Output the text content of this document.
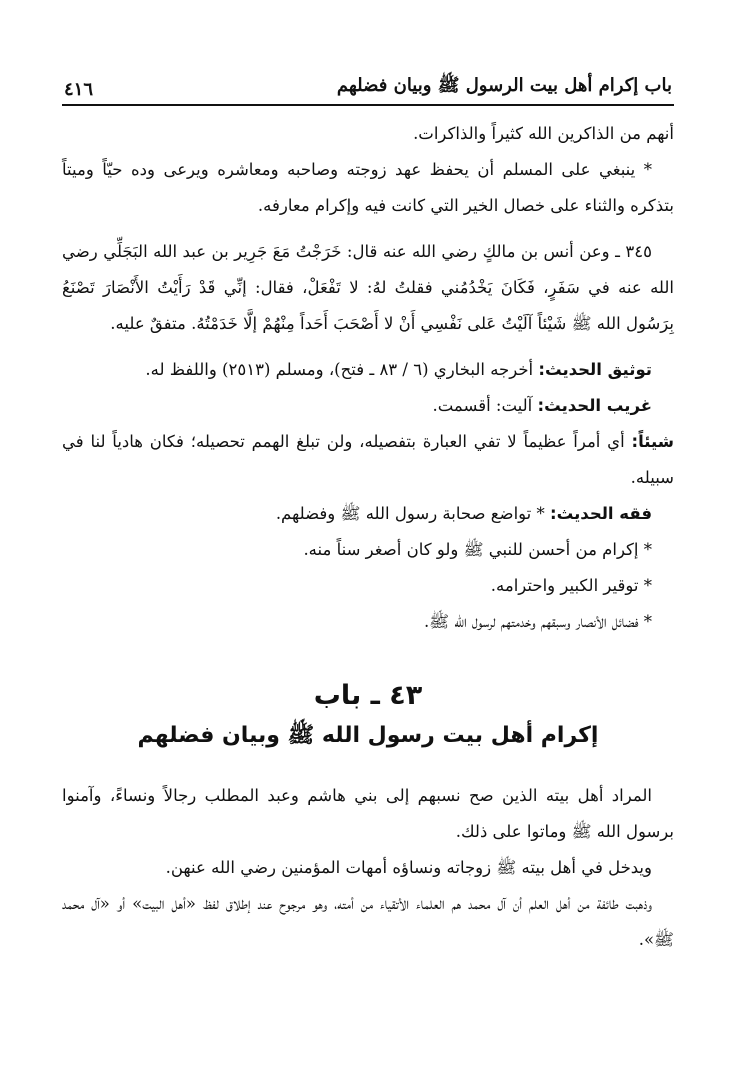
باب إكرام أهل بيت الرسول ﷺ وبيان فضلهم
٤١٦

أنهم من الذاكرين الله كثيراً والذاكرات.

* ينبغي على المسلم أن يحفظ عهد زوجته وصاحبه ومعاشره ويرعى وده حيّاً وميتاً بتذكره والثناء على خصال الخير التي كانت فيه وإكرام معارفه.

٣٤٥ ـ وعن أنس بن مالكٍ رضي الله عنه قال: خَرَجْتُ مَعَ جَرِير بن عبد الله البَجَلِّي رضي الله عنه في سَفَرٍ، فَكَانَ يَخْدُمُني فقلتُ لهُ: لا تَفْعَلْ، فقال: إنِّي قَدْ رَأَيْتُ الأَنْصَارَ تَصْنَعُ بِرَسُول الله ﷺ شَيْئاً آلَيْتُ عَلى نَفْسِي أَنْ لا أَصْحَبَ أَحَداً مِنْهُمْ إلَّا خَدَمْتُهُ. متفقٌ عليه.

توثيق الحديث: أخرجه البخاري (٦ / ٨٣ ـ فتح)، ومسلم (٢٥١٣) واللفظ له.

غريب الحديث: آليت: أقسمت.

شيئاً: أي أمراً عظيماً لا تفي العبارة بتفصيله، ولن تبلغ الهمم تحصيله؛ فكان هادياً لنا في سبيله.

فقه الحديث: * تواضع صحابة رسول الله ﷺ وفضلهم.

* إكرام من أحسن للنبي ﷺ ولو كان أصغر سناً منه.

* توقير الكبير واحترامه.

* فضائل الأنصار وسبقهم وخدمتهم لرسول الله ﷺ.

٤٣ ـ باب
إكرام أهل بيت رسول الله ﷺ وبيان فضلهم

المراد أهل بيته الذين صح نسبهم إلى بني هاشم وعبد المطلب رجالاً ونساءً، وآمنوا برسول الله ﷺ وماتوا على ذلك.

ويدخل في أهل بيته ﷺ زوجاته ونساؤه أمهات المؤمنين رضي الله عنهن.

وذهبت طائفة من أهل العلم أن آل محمد هم العلماء الأتقياء من أمته، وهو مرجوح عند إطلاق لفظ «أهل البيت» أو «آل محمد ﷺ».
